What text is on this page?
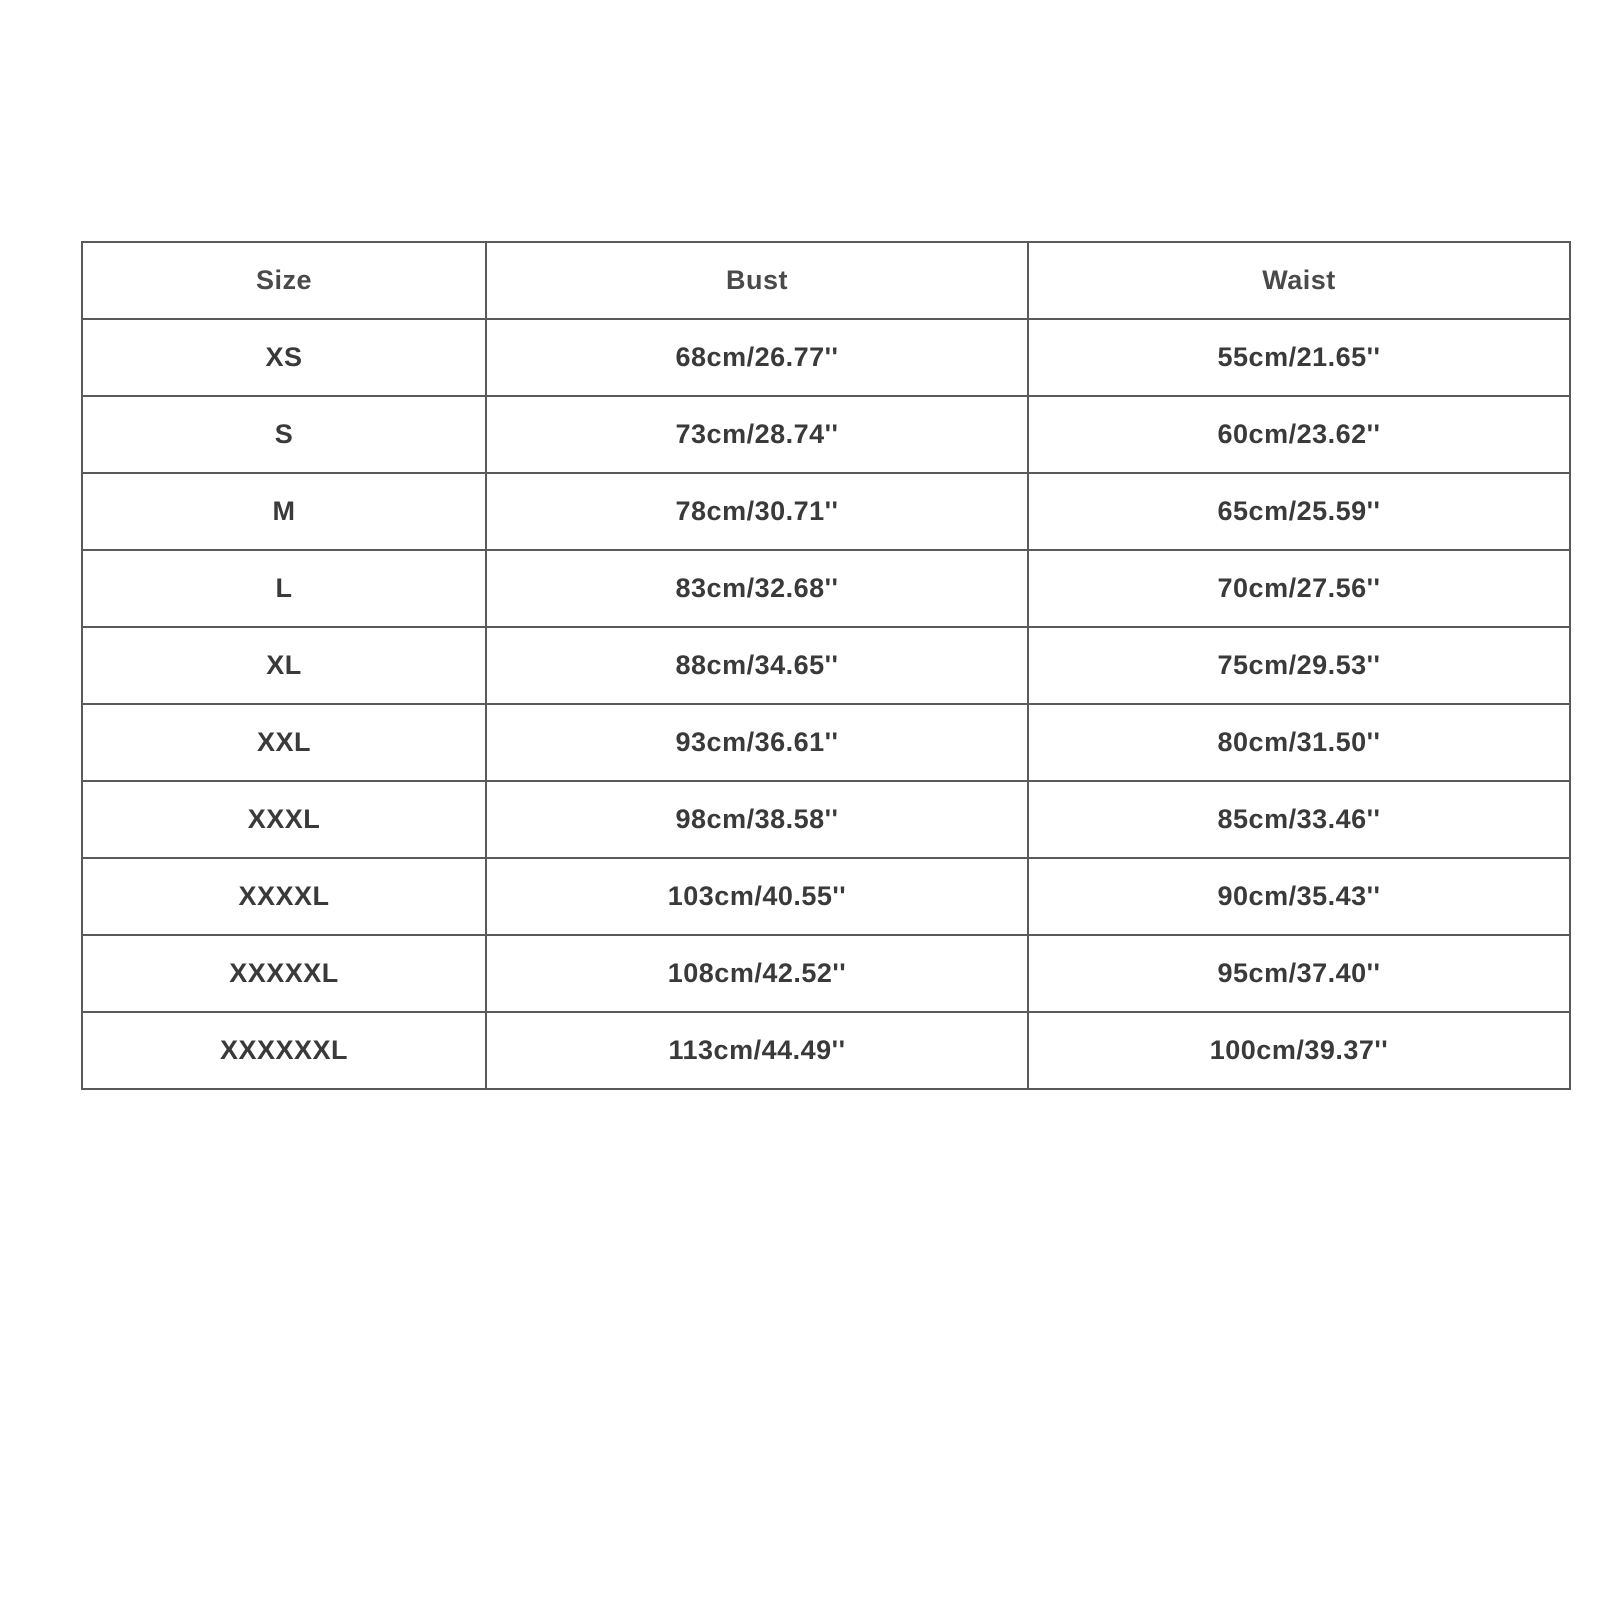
Size	Bust	Waist
XS	68cm/26.77''	55cm/21.65''
S	73cm/28.74''	60cm/23.62''
M	78cm/30.71''	65cm/25.59''
L	83cm/32.68''	70cm/27.56''
XL	88cm/34.65''	75cm/29.53''
XXL	93cm/36.61''	80cm/31.50''
XXXL	98cm/38.58''	85cm/33.46''
XXXXL	103cm/40.55''	90cm/35.43''
XXXXXL	108cm/42.52''	95cm/37.40''
XXXXXXL	113cm/44.49''	100cm/39.37''
